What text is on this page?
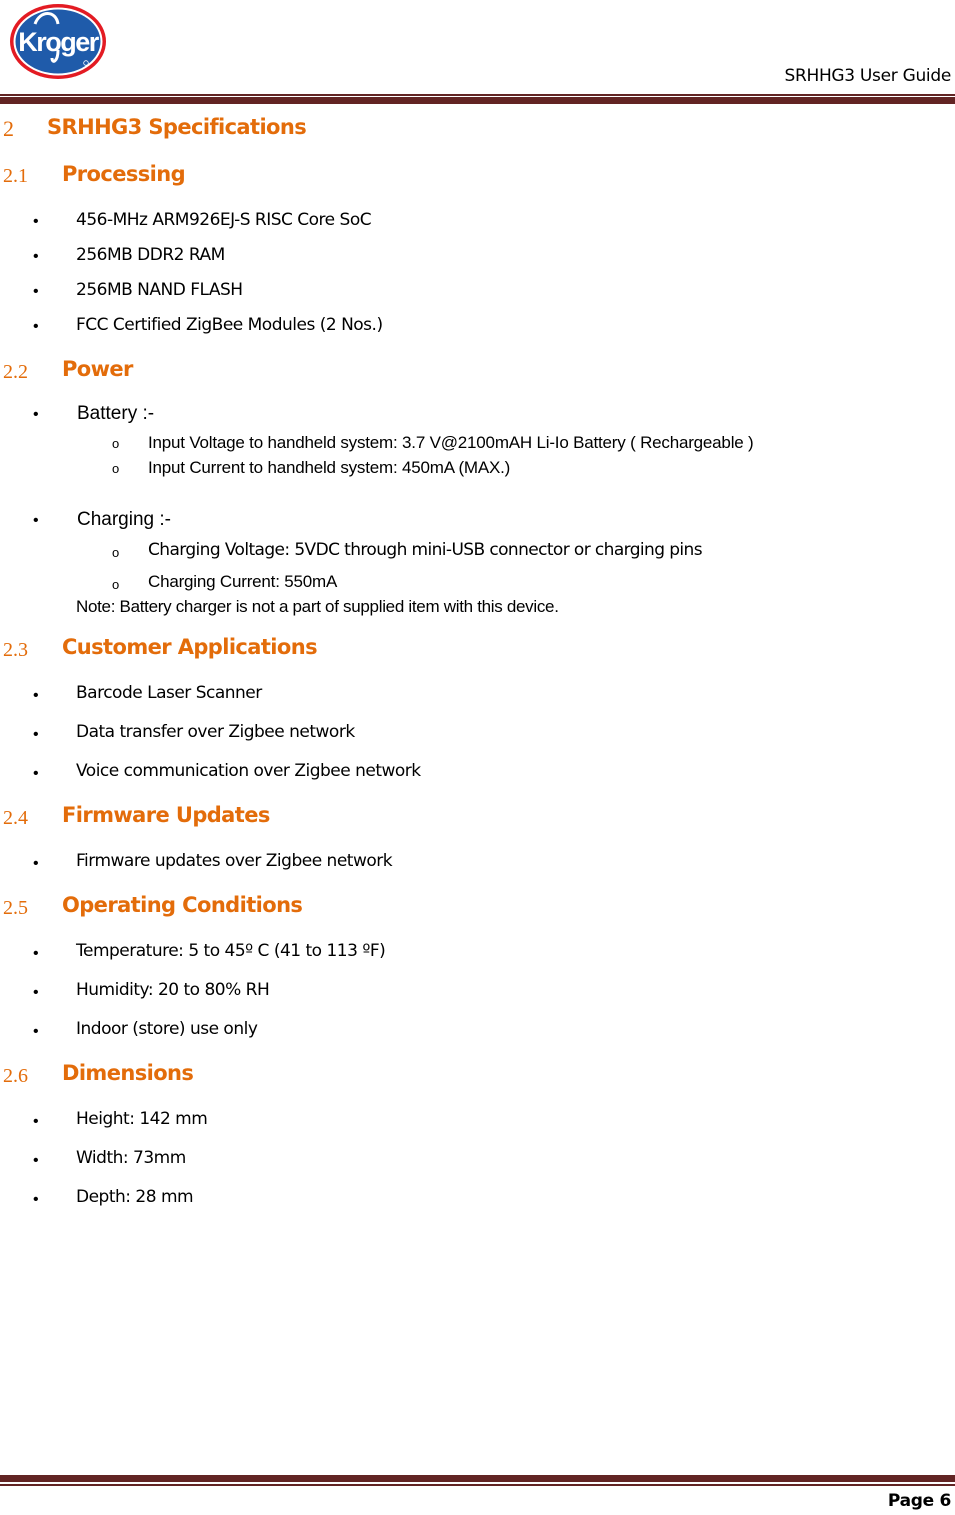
Kroger
SRHHG3 User Guide
2 SRHHG3 Specifications
2.1 Processing
• 456-MHz ARM926EJ-S RISC Core SoC
• 256MB DDR2 RAM
• 256MB NAND FLASH
• FCC Certified ZigBee Modules (2 Nos.)
2.2 Power
• Battery :-
o Input Voltage to handheld system: 3.7 V@2100mAH Li-Io Battery ( Rechargeable )
o Input Current to handheld system: 450mA (MAX.)
• Charging :-
o Charging Voltage: 5VDC through mini-USB connector or charging pins
o Charging Current: 550mA
Note: Battery charger is not a part of supplied item with this device.
2.3 Customer Applications
• Barcode Laser Scanner
• Data transfer over Zigbee network
• Voice communication over Zigbee network
2.4 Firmware Updates
• Firmware updates over Zigbee network
2.5 Operating Conditions
• Temperature: 5 to 45º C (41 to 113 ºF)
• Humidity: 20 to 80% RH
• Indoor (store) use only
2.6 Dimensions
• Height: 142 mm
• Width: 73mm
• Depth: 28 mm
Page 6
